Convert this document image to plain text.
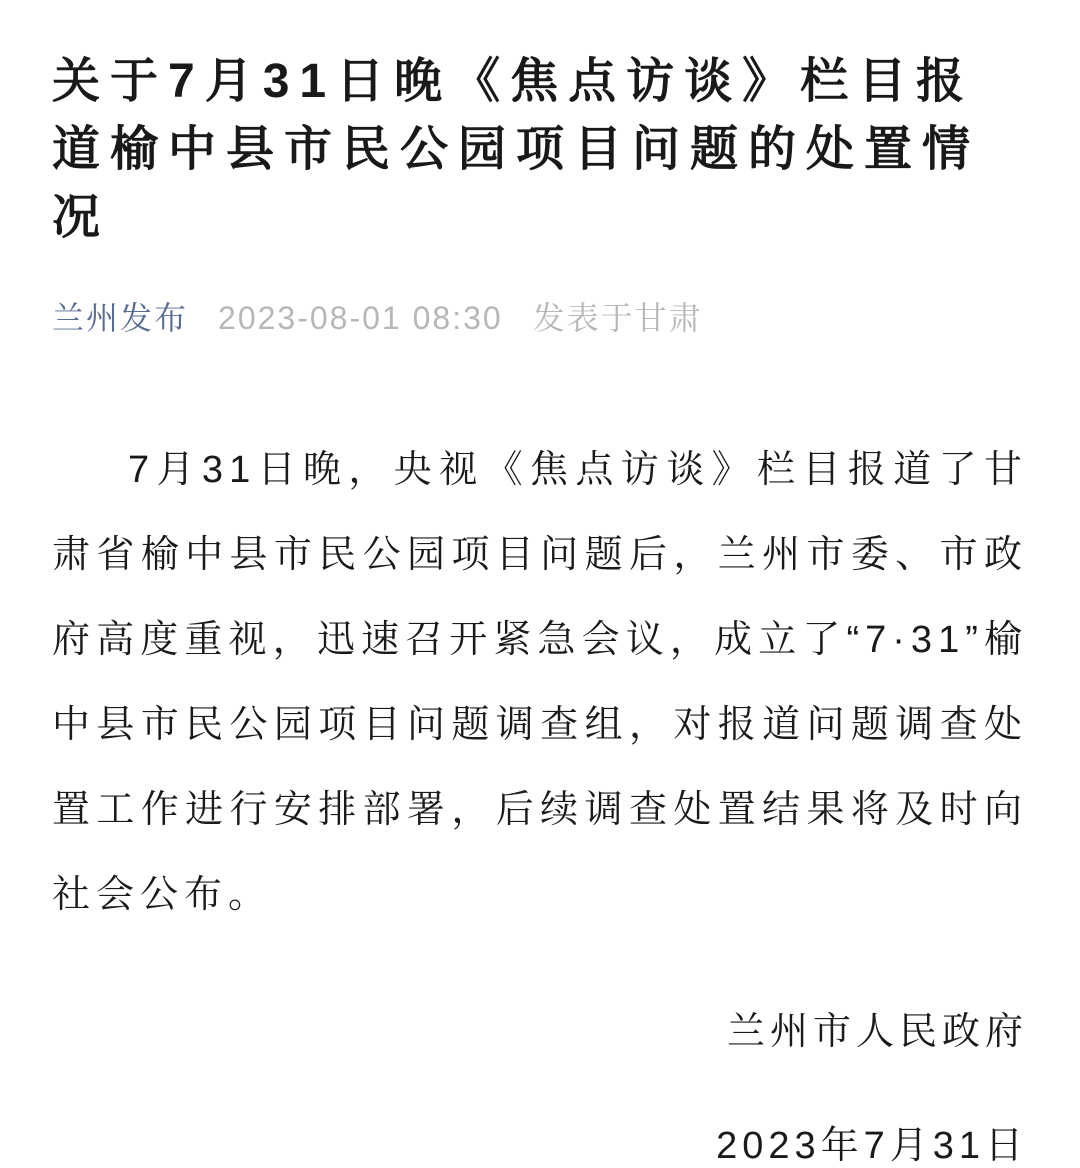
关于7月31日晚《焦点访谈》栏目报道榆中县市民公园项目问题的处置情况
兰州发布 2023-08-01 08:30 发表于甘肃

7月31日晚，央视《焦点访谈》栏目报道了甘肃省榆中县市民公园项目问题后，兰州市委、市政府高度重视，迅速召开紧急会议，成立了“7·31”榆中县市民公园项目问题调查组，对报道问题调查处置工作进行安排部署，后续调查处置结果将及时向社会公布。

兰州市人民政府

2023年7月31日
